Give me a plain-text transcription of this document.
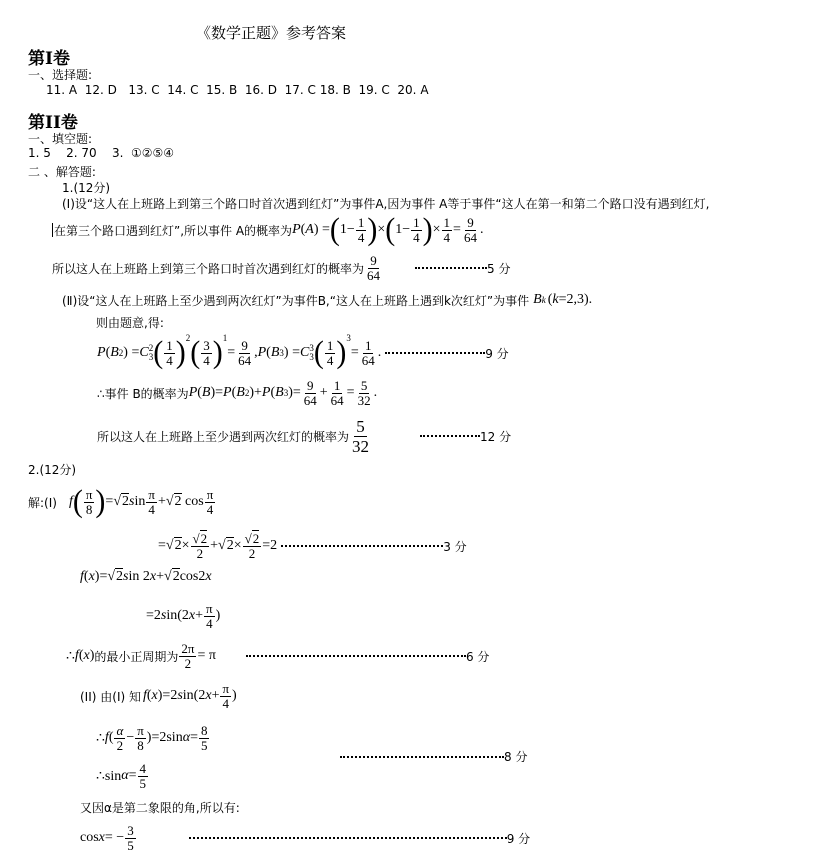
《数学正题》参考答案
第Ⅰ卷
一、选择题:
11. A  12. D   13. C  14. C  15. B  16. D  17. C 18. B  19. C  20. A
第II卷
一、填空题:
1. 5    2. 70    3.  ①②⑤④
二 、解答题:
1.(12分)
(Ⅰ)设“这人在上班路上到第三个路口时首次遇到红灯”为事件A,因为事件 A等于事件“这人在第一和第二个路口没有遇到红灯,
在第三个路口遇到红灯”,所以事件 A的概率为 P ( A ) = ( $1- \frac{1}{4}$ ) × ( $1- \frac{1}{4}$ ) × $\frac{1}{4} = \frac{9}{64}$ .
所以这人在上班路上到第三个路口时首次遇到红灯的概率为 $\frac{9}{64}$	5 分
(Ⅱ)设“这人在上班路上至少遇到两次红灯”为事件B,“这人在上班路上遇到k次红灯”为事件 B k ( k =2,3 ).
则由题意,得:
P ( B 2 ) = C 2
3 ( $\frac{1}{4}$ ) 2 ( $\frac{3}{4}$ ) 1
= $\frac{9}{64}$ , P ( B 3 ) = C 3
3 ( $\frac{1}{4}$ ) 3
= $\frac{1}{64}$ .	9 分
∴事件 B的概率为 P ( B )= P ( B 2 )+ P ( B 3 )= $\frac{9}{64} + \frac{1}{64} = \frac{5}{32}$ .
所以这人在上班路上至少遇到两次红灯的概率为 $\frac{5}{32}$	12 分
2.(12分)
解:(I) f ( $\frac{\pi}{8}$ ) =√2 s in $\frac{\pi}{4} +√2$ $\cos \frac{\pi}{4}$
$=√2\times \frac{√2}{2} +√2\times \frac{√2}{2} =2$	3 分
f(x)=√2sin 2x+√2cos2x
=2 s in(2 $x + \frac{\pi}{4}$ )
∴ f ( x ) 的最小正周期为 $\frac{2\pi}{2} = \pi$	6 分
(II) 由(I) 知 f ( x )=2 s in(2 $x + \frac{\pi}{4}$ )
∴ f ( $\frac{\alpha}{2} - \frac{\pi}{8} )=2\sin$ $\alpha = \frac{8}{5}$
8 分
∴sin $\alpha = \frac{4}{5}$
又因α是第二象限的角,所以有:
cos x = − $\frac{3}{5}$	9 分
